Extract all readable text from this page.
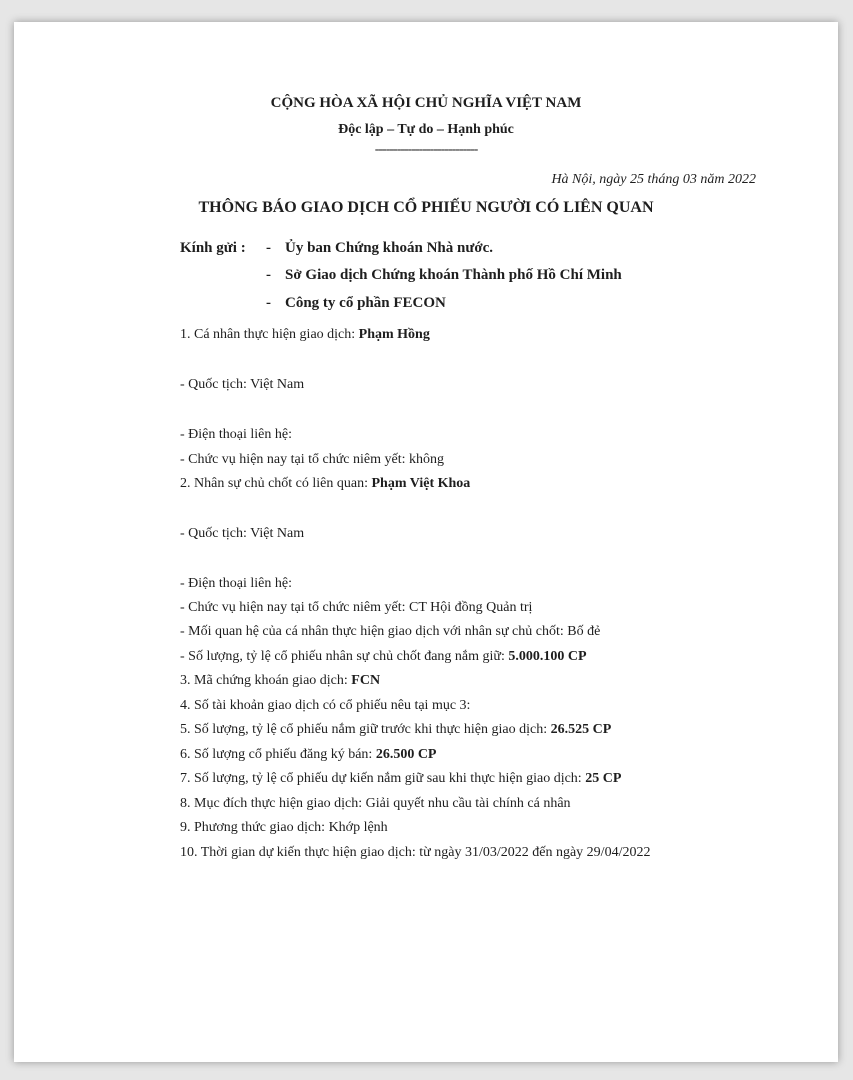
CỘNG HÒA XÃ HỘI CHỦ NGHĨA VIỆT NAM
Độc lập – Tự do – Hạnh phúc
----------------------------
Hà Nội, ngày 25 tháng 03 năm 2022
THÔNG BÁO GIAO DỊCH CỔ PHIẾU NGƯỜI CÓ LIÊN QUAN
Kính gửi : - Ủy ban Chứng khoán Nhà nước.
- Sở Giao dịch Chứng khoán Thành phố Hồ Chí Minh
- Công ty cổ phần FECON
1. Cá nhân thực hiện giao dịch: Phạm Hồng
- Quốc tịch: Việt Nam
- Điện thoại liên hệ:
- Chức vụ hiện nay tại tổ chức niêm yết: không
2. Nhân sự chủ chốt có liên quan: Phạm Việt Khoa
- Quốc tịch: Việt Nam
- Điện thoại liên hệ:
- Chức vụ hiện nay tại tổ chức niêm yết: CT Hội đồng Quản trị
- Mối quan hệ của cá nhân thực hiện giao dịch với nhân sự chủ chốt: Bố đẻ
- Số lượng, tỷ lệ cổ phiếu nhân sự chủ chốt đang nắm giữ: 5.000.100 CP
3. Mã chứng khoán giao dịch: FCN
4. Số tài khoản giao dịch có cổ phiếu nêu tại mục 3:
5. Số lượng, tỷ lệ cổ phiếu nắm giữ trước khi thực hiện giao dịch: 26.525 CP
6. Số lượng cổ phiếu đăng ký bán: 26.500 CP
7. Số lượng, tỷ lệ cổ phiếu dự kiến nắm giữ sau khi thực hiện giao dịch: 25 CP
8. Mục đích thực hiện giao dịch: Giải quyết nhu cầu tài chính cá nhân
9. Phương thức giao dịch: Khớp lệnh
10. Thời gian dự kiến thực hiện giao dịch: từ ngày 31/03/2022 đến ngày 29/04/2022
